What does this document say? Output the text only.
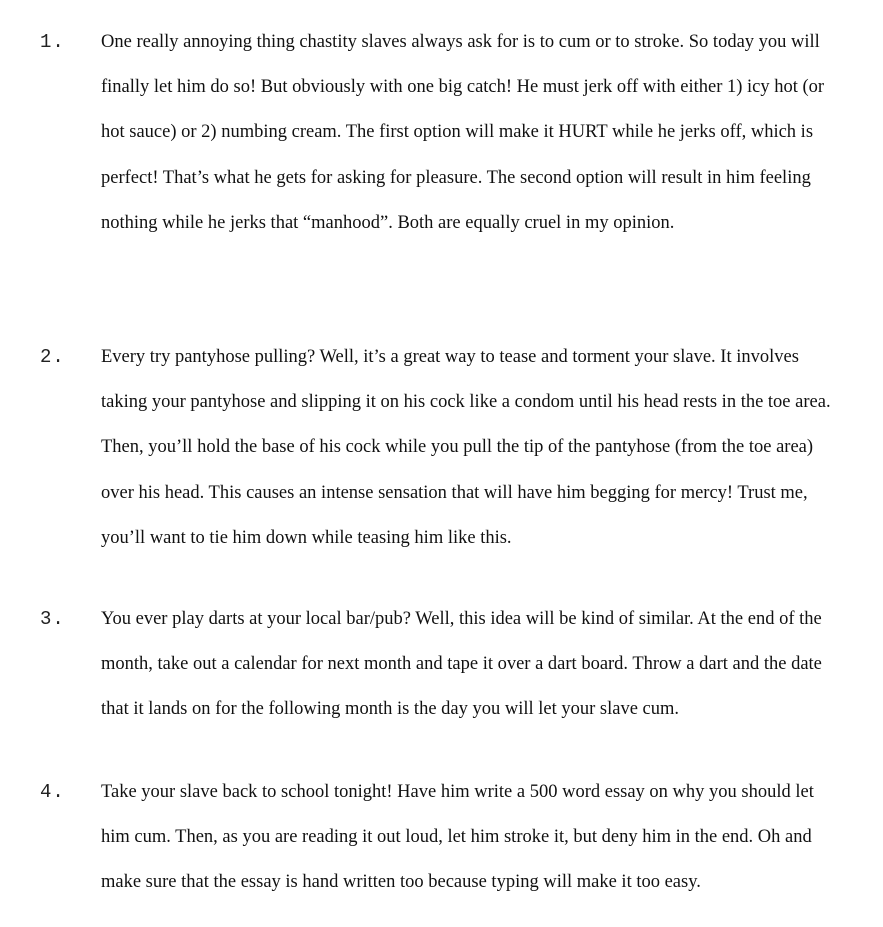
1. One really annoying thing chastity slaves always ask for is to cum or to stroke. So today you will finally let him do so! But obviously with one big catch! He must jerk off with either 1) icy hot (or hot sauce) or 2) numbing cream. The first option will make it HURT while he jerks off, which is perfect! That’s what he gets for asking for pleasure. The second option will result in him feeling nothing while he jerks that “manhood”. Both are equally cruel in my opinion.

2. Every try pantyhose pulling? Well, it’s a great way to tease and torment your slave. It involves taking your pantyhose and slipping it on his cock like a condom until his head rests in the toe area. Then, you’ll hold the base of his cock while you pull the tip of the pantyhose (from the toe area) over his head. This causes an intense sensation that will have him begging for mercy! Trust me, you’ll want to tie him down while teasing him like this.

3. You ever play darts at your local bar/pub? Well, this idea will be kind of similar. At the end of the month, take out a calendar for next month and tape it over a dart board. Throw a dart and the date that it lands on for the following month is the day you will let your slave cum.

4. Take your slave back to school tonight! Have him write a 500 word essay on why you should let him cum. Then, as you are reading it out loud, let him stroke it, but deny him in the end. Oh and make sure that the essay is hand written too because typing will make it too easy.
